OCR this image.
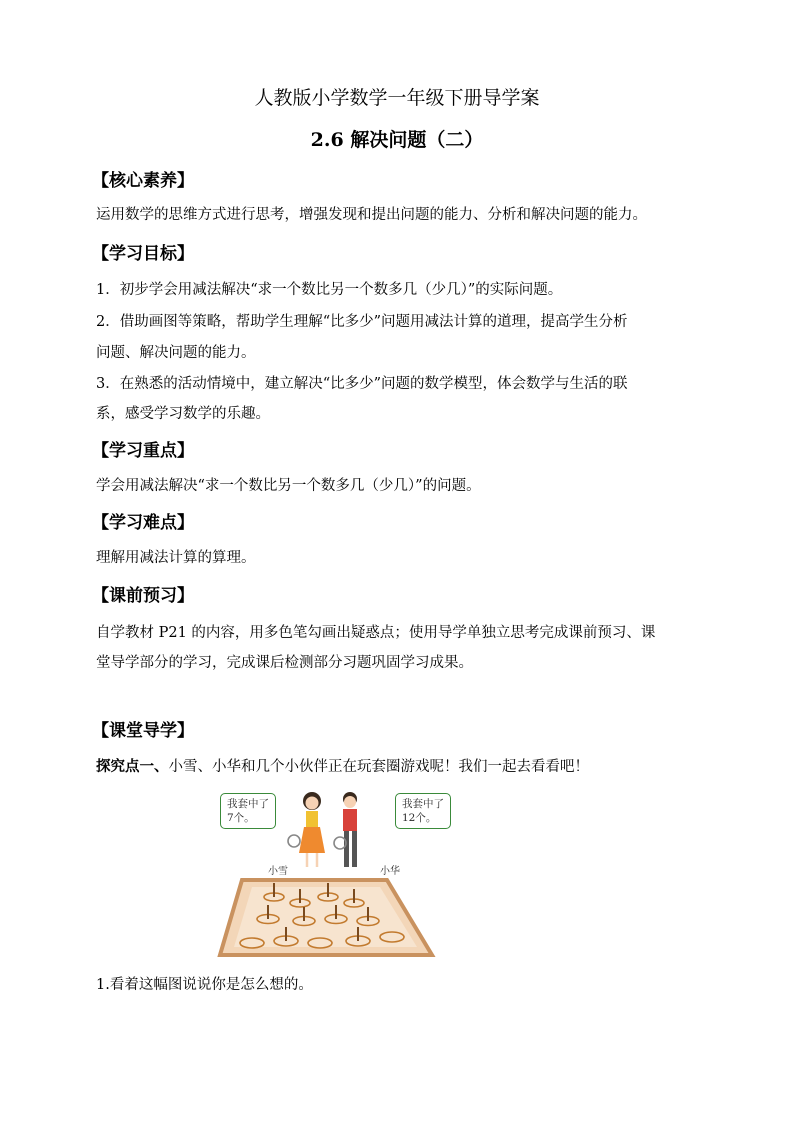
人教版小学数学一年级下册导学案
2.6 解决问题（二）
【核心素养】
运用数学的思维方式进行思考，增强发现和提出问题的能力、分析和解决问题的能力。
【学习目标】
1．初步学会用减法解决“求一个数比另一个数多几（少几）”的实际问题。
2．借助画图等策略，帮助学生理解“比多少”问题用减法计算的道理，提高学生分析
问题、解决问题的能力。
3．在熟悉的活动情境中，建立解决“比多少”问题的数学模型，体会数学与生活的联
系，感受学习数学的乐趣。
【学习重点】
学会用减法解决“求一个数比另一个数多几（少几）”的问题。
【学习难点】
理解用减法计算的算理。
【课前预习】
自学教材 P21 的内容，用多色笔勾画出疑惑点；使用导学单独立思考完成课前预习、课
堂导学部分的学习，完成课后检测部分习题巩固学习成果。
【课堂导学】
探究点一、小雪、小华和几个小伙伴正在玩套圈游戏呢！我们一起去看看吧！
我套中了
7个。
我套中了
12个。
小雪	小华
1.看着这幅图说说你是怎么想的。
